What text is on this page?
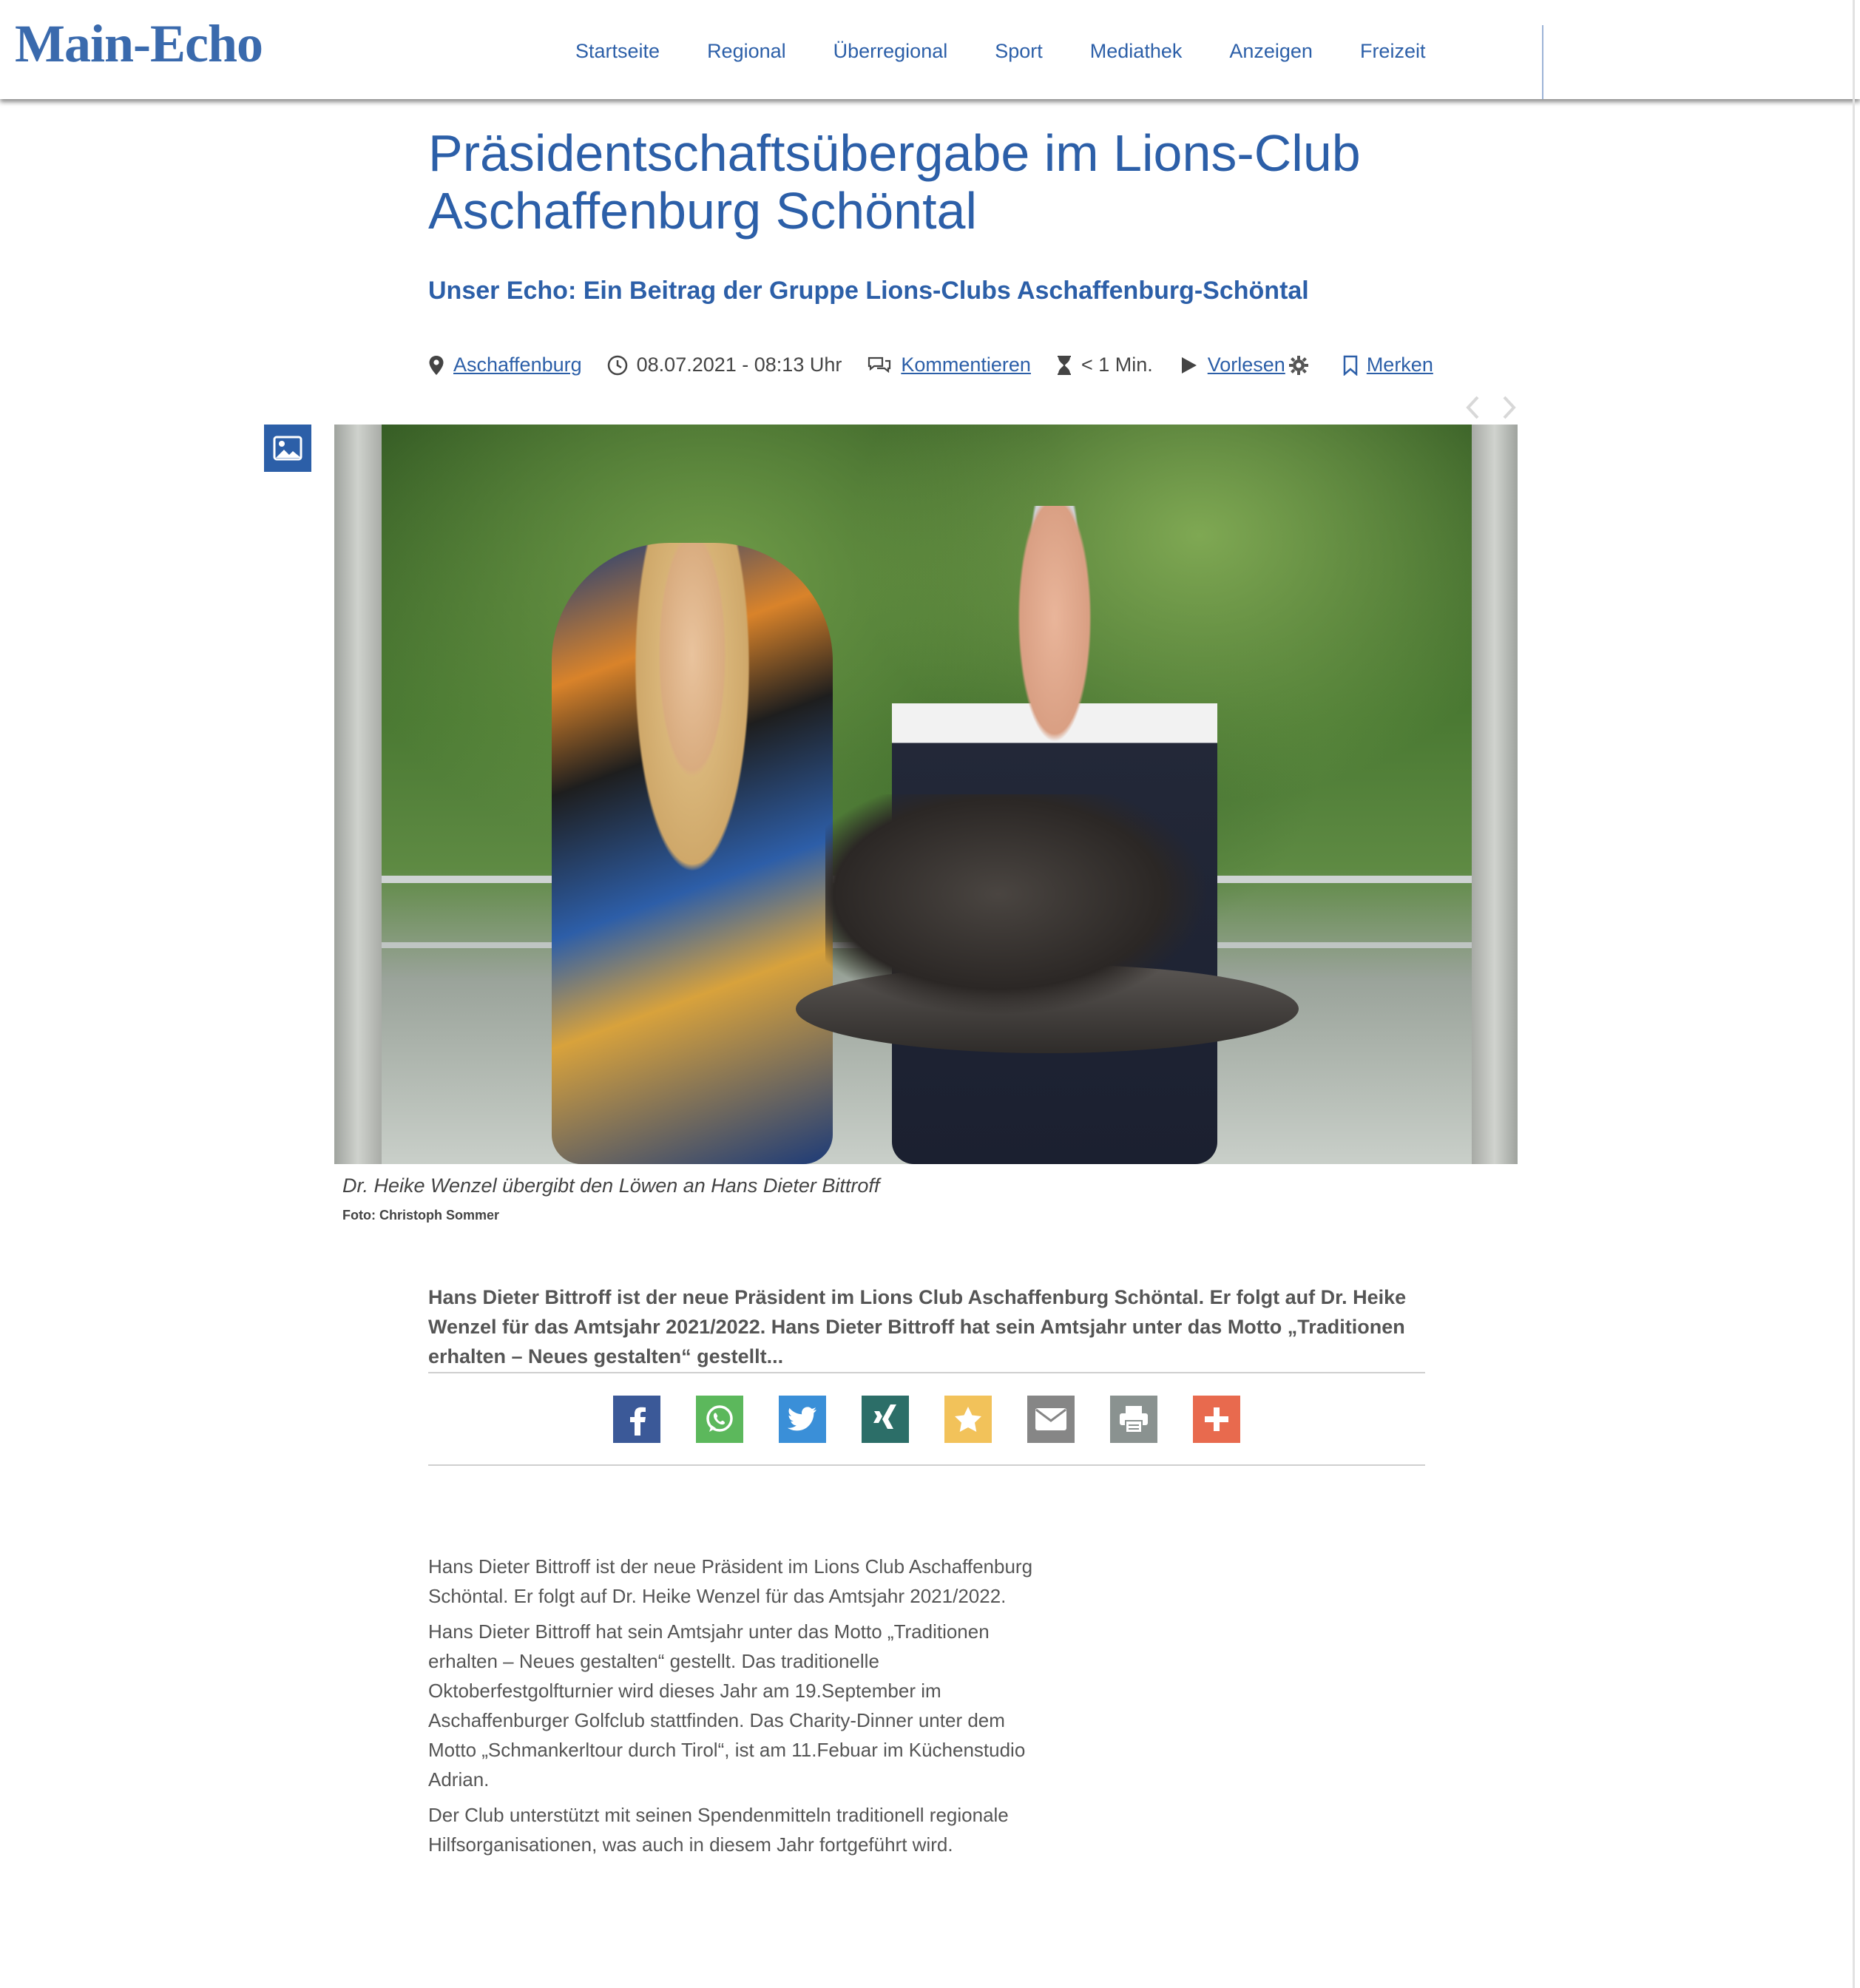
Main-Echo	Startseite Regional Überregional Sport Mediathek Anzeigen Freizeit
Präsidentschaftsübergabe im Lions-Club Aschaffenburg Schöntal
Unser Echo: Ein Beitrag der Gruppe Lions-Clubs Aschaffenburg-Schöntal
Aschaffenburg	08.07.2021 - 08:13 Uhr	Kommentieren	< 1 Min.	Vorlesen	Merken
Dr. Heike Wenzel übergibt den Löwen an Hans Dieter Bittroff
Foto: Christoph Sommer
Hans Dieter Bittroff ist der neue Präsident im Lions Club Aschaffenburg Schöntal. Er folgt auf Dr. Heike Wenzel für das Amtsjahr 2021/2022. Hans Dieter Bittroff hat sein Amtsjahr unter das Motto „Traditionen erhalten – Neues gestalten“ gestellt...

Hans Dieter Bittroff ist der neue Präsident im Lions Club Aschaffenburg Schöntal. Er folgt auf Dr. Heike Wenzel für das Amtsjahr 2021/2022.

Hans Dieter Bittroff hat sein Amtsjahr unter das Motto „Traditionen erhalten – Neues gestalten“ gestellt. Das traditionelle Oktoberfestgolfturnier wird dieses Jahr am 19.September im Aschaffenburger Golfclub stattfinden. Das Charity-Dinner unter dem Motto „Schmankerltour durch Tirol“, ist am 11.Febuar im Küchenstudio Adrian.

Der Club unterstützt mit seinen Spendenmitteln traditionell regionale Hilfsorganisationen, was auch in diesem Jahr fortgeführt wird.
